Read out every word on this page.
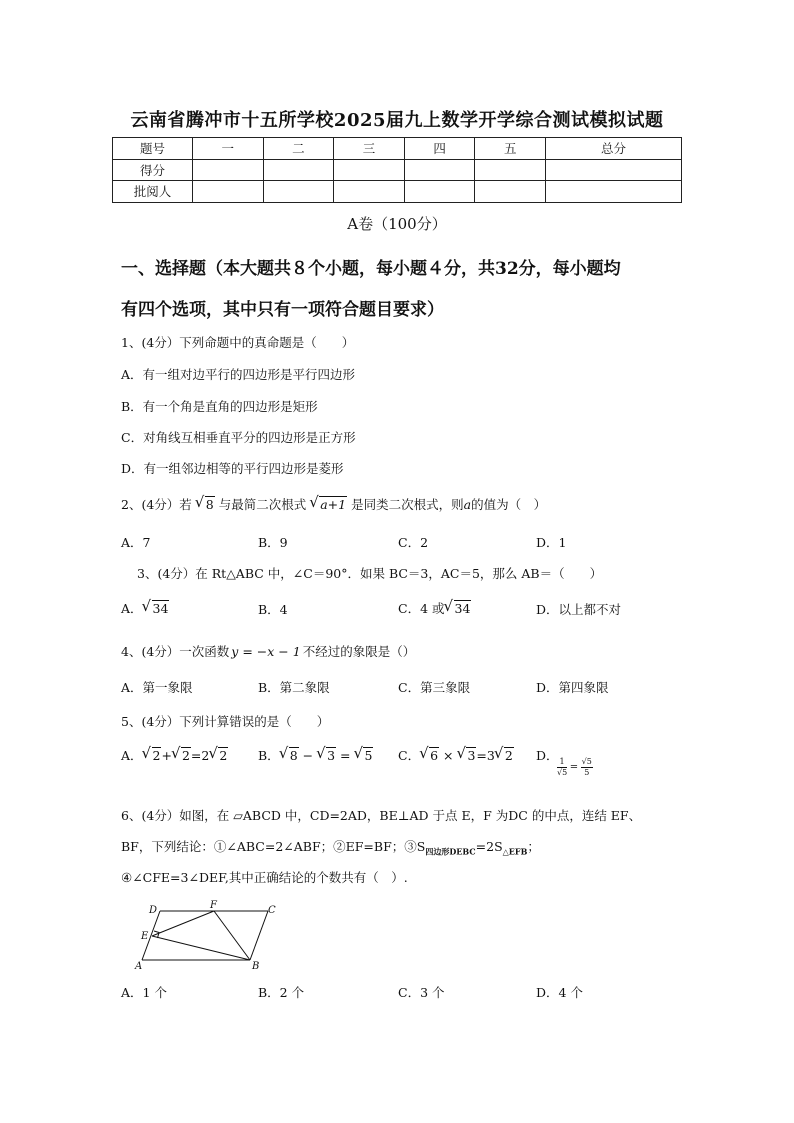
云南省腾冲市十五所学校2025届九上数学开学综合测试模拟试题
题号	一	二	三	四	五	总分
得分						
批阅人						
A卷（100分）
一、选择题（本大题共８个小题，每小题４分，共32分，每小题均
有四个选项，其中只有一项符合题目要求）
1、(4分）下列命题中的真命题是（　　）
A．有一组对边平行的四边形是平行四边形
B．有一个角是直角的四边形是矩形
C．对角线互相垂直平分的四边形是正方形
D．有一组邻边相等的平行四边形是菱形
2、(4分）若 √ 8 与最简二次根式 √ a+1 是同类二次根式，则a的值为（　）
A．7	B．9	C．2	D．1
3、(4分）在 Rt△ABC 中，∠C＝90°．如果 BC＝3，AC＝5，那么 AB＝（　　）
A． √ 34	B．4	C．4 或 √ 34	D．以上都不对
4、(4分）一次函数 y = −x − 1 不经过的象限是（）
A．第一象限	B．第二象限	C．第三象限	D．第四象限
5、(4分）下列计算错误的是（　　）
A． √ 2+ √ 2=2 √ 2 B． √ 8 − √ 3 = √ 5 C． √ 6 × √ 3=3 √ 2 D．
$\frac{1}{√5} = \frac{√5}{5}$
6、(4分）如图，在 ▱ABCD 中，CD=2AD，BE⊥AD 于点 E，F 为DC 的中点，连结 EF、
BF，下列结论：①∠ABC=2∠ABF；②EF=BF；$③S_{四边形DEBC}=2S_{\triangle EFB}$；
④∠CFE=3∠DEF,其中正确结论的个数共有（　）.
D	F	C
E
A	B
A．1 个	B．2 个	C．3 个	D．4 个
